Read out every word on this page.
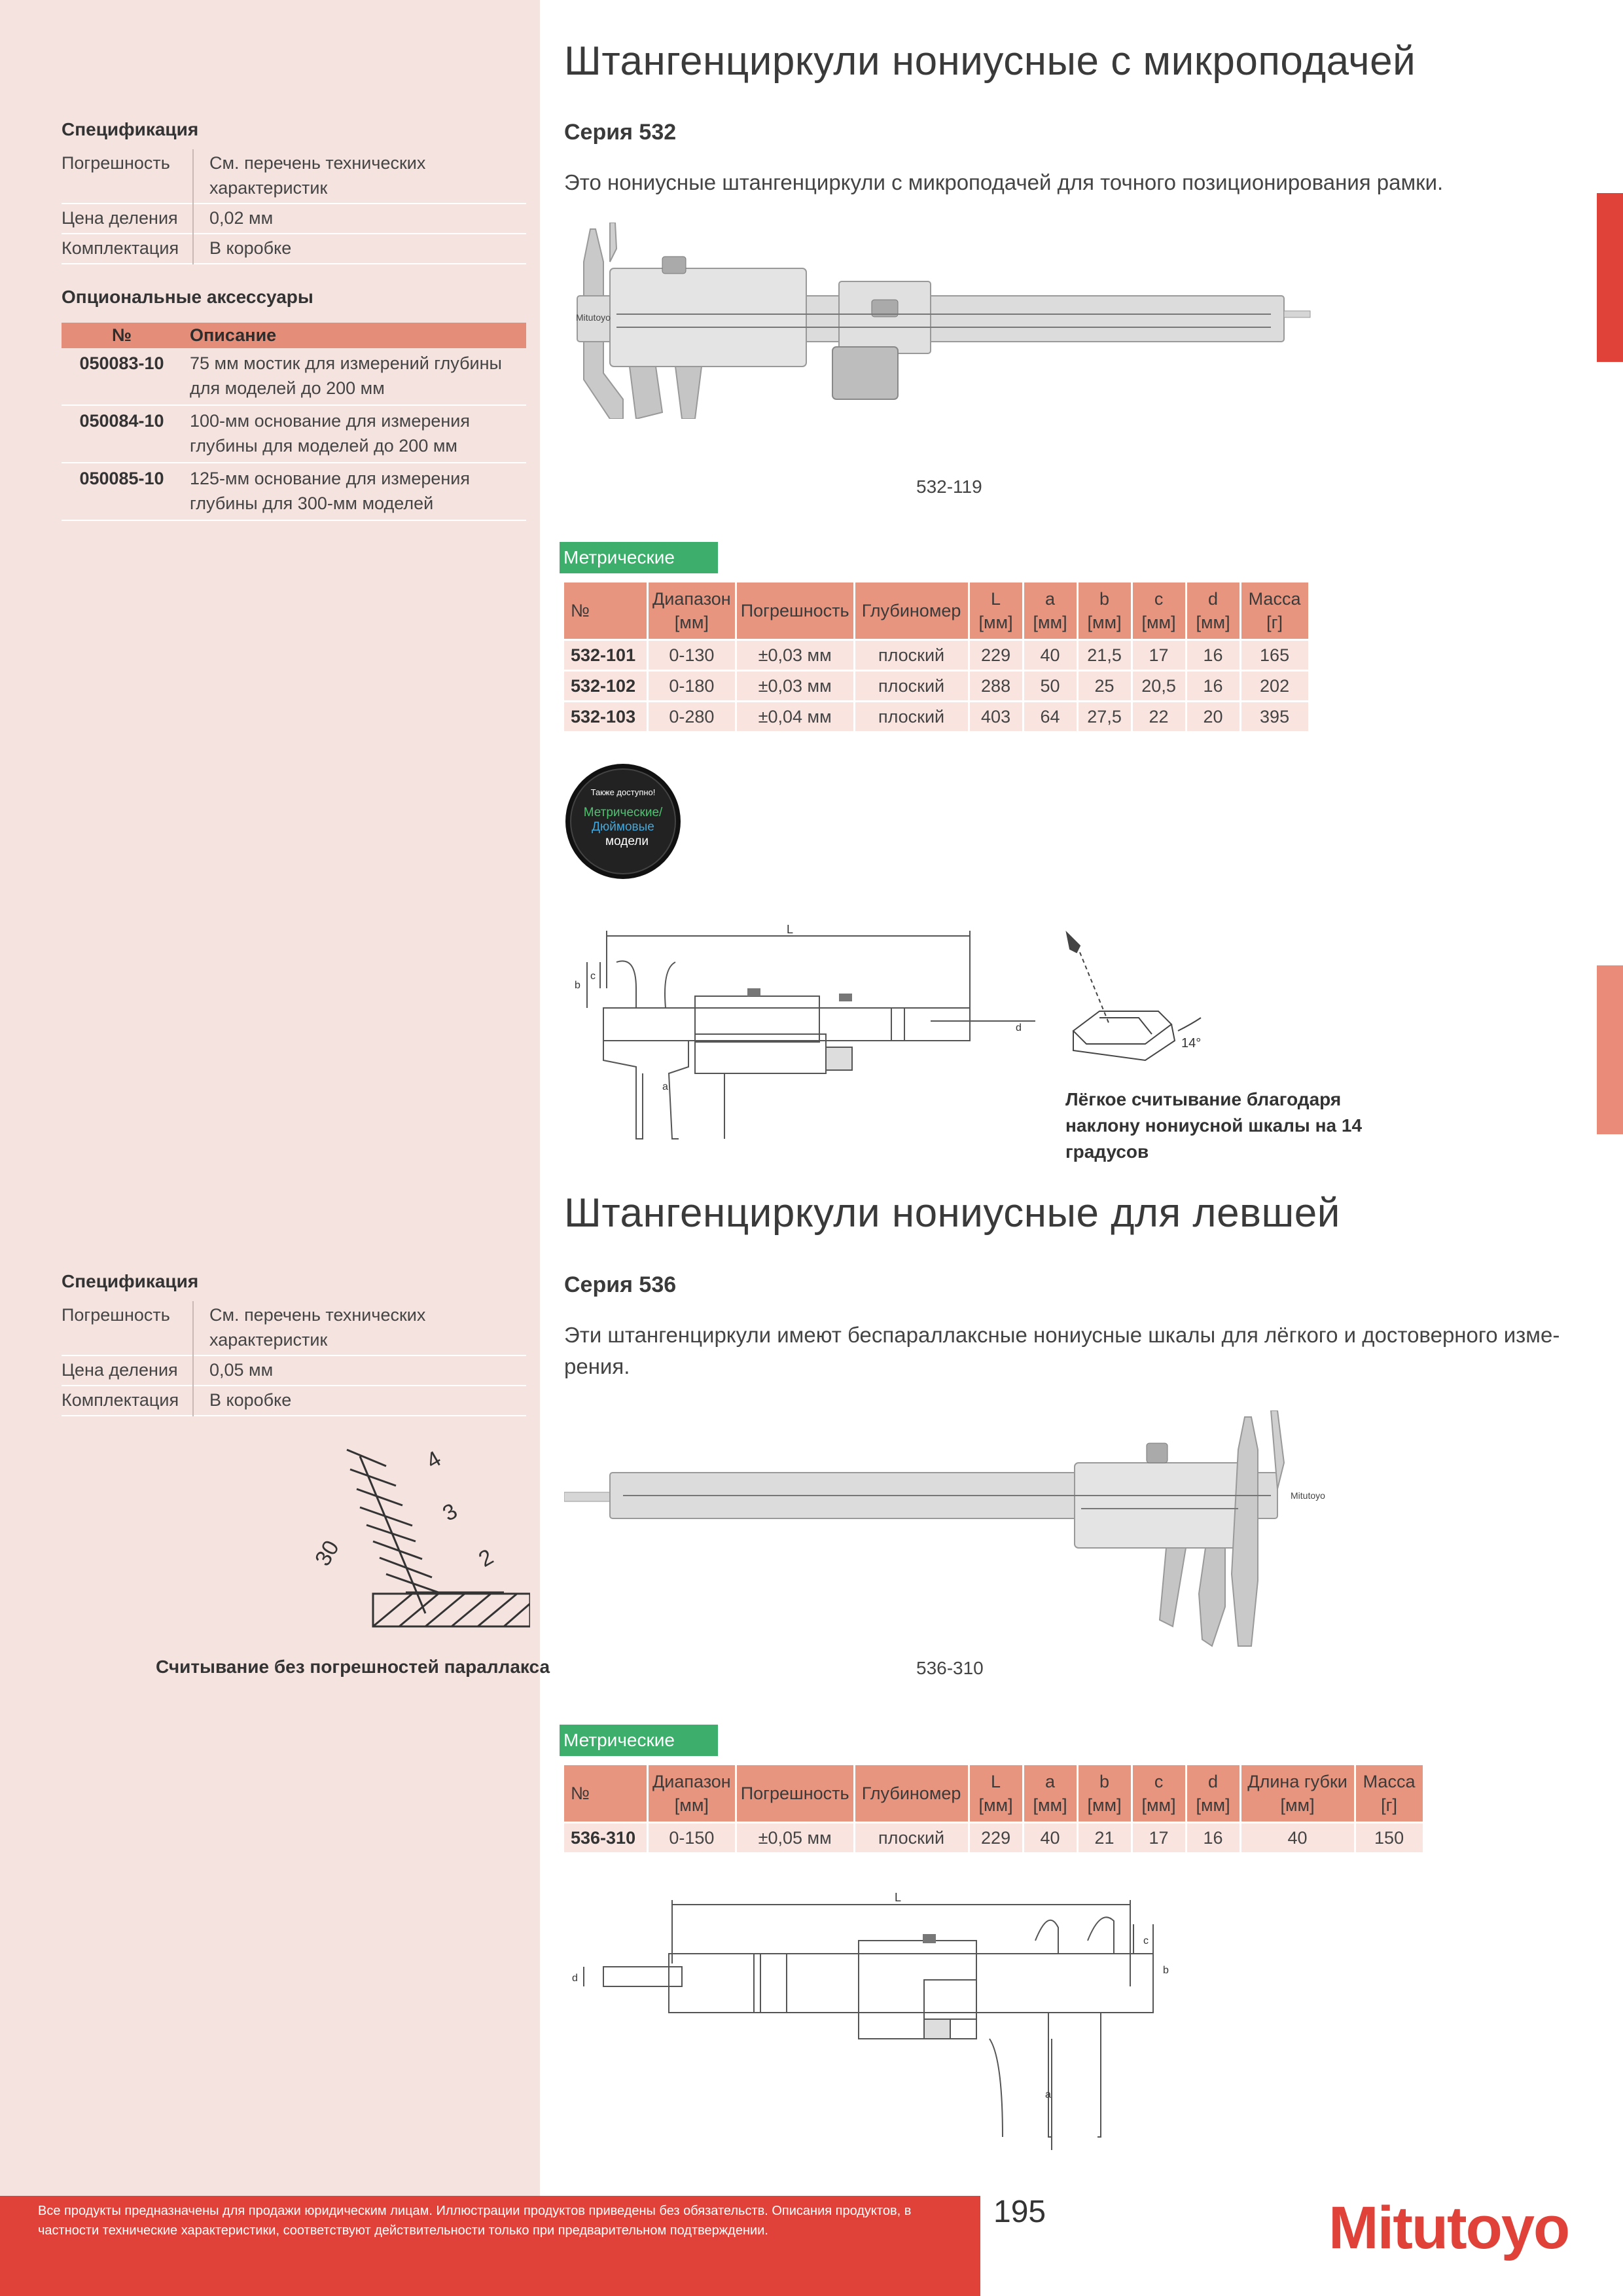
Штангенциркули нониусные с микроподачей
Серия 532
Это нониусные штангенциркули с микроподачей для точного позиционирования рамки.
Спецификация
Погрешность	См. перечень технических характеристик
Цена деления	0,02 мм
Комплектация	В коробке
Опциональные аксессуары
№	Описание
050083-10	75 мм мостик для измерений глубины для моделей до 200 мм
050084-10	100-мм основание для измерения глубины для моделей до 200 мм
050085-10	125-мм основание для измерения глубины для 300-мм моделей
Mitutoyo
532-119
Метрические
№	Диапазон [мм]	Погрешность	Глубиномер	L [мм]	a [мм]	b [мм]	c [мм]	d [мм]	Масса [г]
532-101	0-130	±0,03 мм	плоский	229	40	21,5	17	16	165
532-102	0-180	±0,03 мм	плоский	288	50	25	20,5	16	202
532-103	0-280	±0,04 мм	плоский	403	64	27,5	22	20	395
Также доступно!
Метрические/
Дюймовые
модели
L
b
c
a
d
14°
Лёгкое считывание благодаря наклону нониусной шкалы на 14 градусов
Штангенциркули нониусные для левшей
Серия 536
Эти штангенциркули имеют беспараллаксные нониусные шкалы для лёгкого и достоверного изме-рения.
Спецификация
Погрешность	См. перечень технических характеристик
Цена деления	0,05 мм
Комплектация	В коробке
4
3
2
30
Считывание без погрешностей параллакса
Mitutoyo
536-310
Метрические
№	Диапазон [мм]	Погрешность	Глубиномер	L [мм]	a [мм]	b [мм]	c [мм]	d [мм]	Длина губки [мм]	Масса [г]
536-310	0-150	±0,05 мм	плоский	229	40	21	17	16	40	150
L
b
c
a
d
Все продукты предназначены для продажи юридическим лицам. Иллюстрации продуктов приведены без обязательств. Описания продуктов, в частности технические характеристики, соответствуют действительности только при предварительном подтверждении.
195	Mitutoyo
